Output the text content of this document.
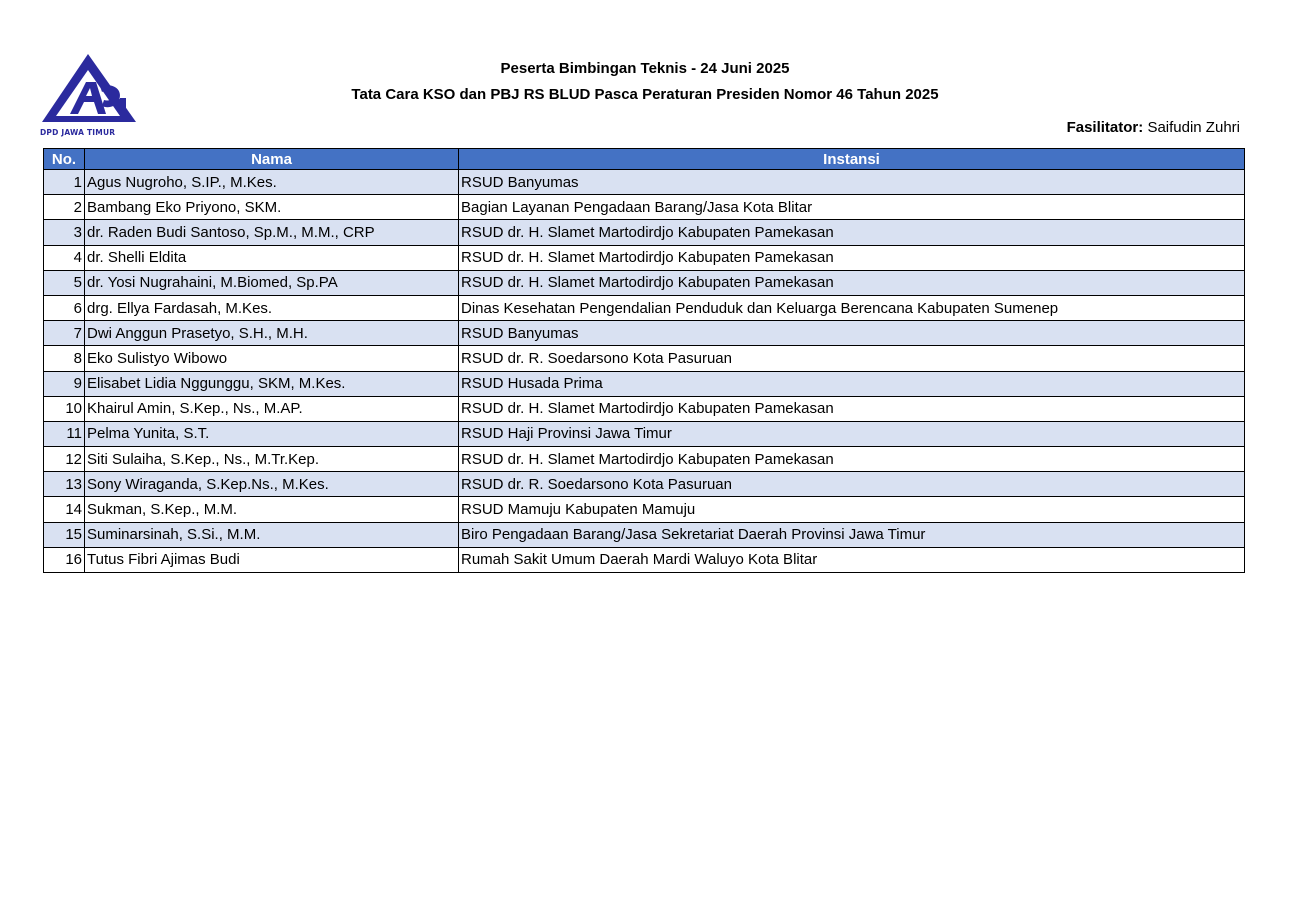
DPD JAWA TIMUR
Peserta Bimbingan Teknis - 24 Juni 2025
Tata Cara KSO dan PBJ RS BLUD Pasca Peraturan Presiden Nomor 46 Tahun 2025
Fasilitator: Saifudin Zuhri
No.	Nama	Instansi
1	Agus Nugroho, S.IP., M.Kes.	RSUD Banyumas
2	Bambang Eko Priyono, SKM.	Bagian Layanan Pengadaan Barang/Jasa Kota Blitar
3	dr. Raden Budi Santoso, Sp.M., M.M., CRP	RSUD dr. H. Slamet Martodirdjo Kabupaten Pamekasan
4	dr. Shelli Eldita	RSUD dr. H. Slamet Martodirdjo Kabupaten Pamekasan
5	dr. Yosi Nugrahaini, M.Biomed, Sp.PA	RSUD dr. H. Slamet Martodirdjo Kabupaten Pamekasan
6	drg. Ellya Fardasah, M.Kes.	Dinas Kesehatan Pengendalian Penduduk dan Keluarga Berencana Kabupaten Sumenep
7	Dwi Anggun Prasetyo, S.H., M.H.	RSUD Banyumas
8	Eko Sulistyo Wibowo	RSUD dr. R. Soedarsono Kota Pasuruan
9	Elisabet Lidia Nggunggu, SKM, M.Kes.	RSUD Husada Prima
10	Khairul Amin, S.Kep., Ns., M.AP.	RSUD dr. H. Slamet Martodirdjo Kabupaten Pamekasan
11	Pelma Yunita, S.T.	RSUD Haji Provinsi Jawa Timur
12	Siti Sulaiha, S.Kep., Ns., M.Tr.Kep.	RSUD dr. H. Slamet Martodirdjo Kabupaten Pamekasan
13	Sony Wiraganda, S.Kep.Ns., M.Kes.	RSUD dr. R. Soedarsono Kota Pasuruan
14	Sukman, S.Kep., M.M.	RSUD Mamuju Kabupaten Mamuju
15	Suminarsinah, S.Si., M.M.	Biro Pengadaan Barang/Jasa Sekretariat Daerah Provinsi Jawa Timur
16	Tutus Fibri Ajimas Budi	Rumah Sakit Umum Daerah Mardi Waluyo Kota Blitar
